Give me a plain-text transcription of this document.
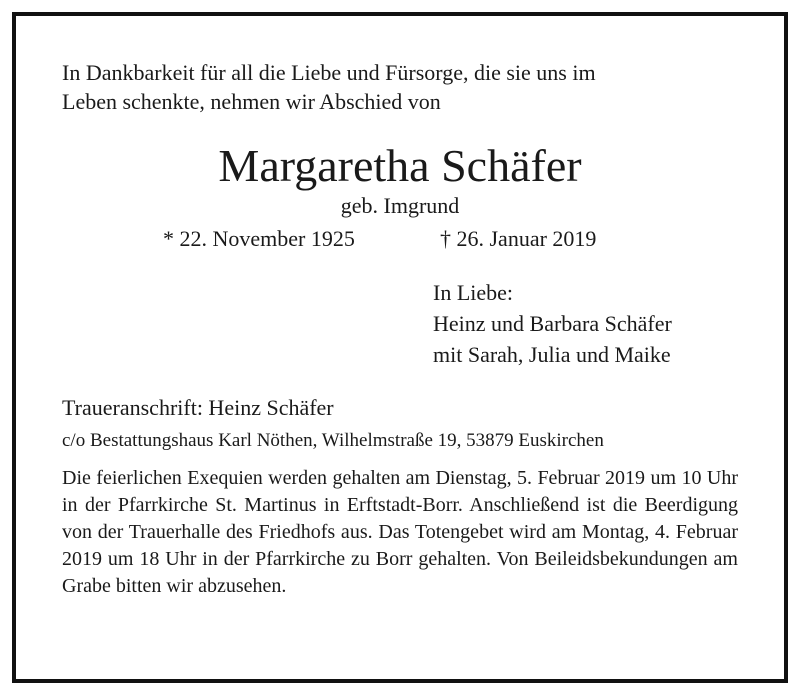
In Dankbarkeit für all die Liebe und Fürsorge, die sie uns im

Leben schenkte, nehmen wir Abschied von

Margaretha Schäfer

geb. Imgrund

* 22. November 1925	† 26. Januar 2019

In Liebe:

Heinz und Barbara Schäfer

mit Sarah, Julia und Maike

Traueranschrift: Heinz Schäfer

c/o Bestattungshaus Karl Nöthen, Wilhelmstraße 19, 53879 Euskirchen

Die feierlichen Exequien werden gehalten am Dienstag, 5. Februar 2019 um 10 Uhr in der Pfarrkirche St. Martinus in Erftstadt-Borr. Anschließend ist die Beerdigung von der Trauerhalle des Friedhofs aus. Das Totengebet wird am Montag, 4. Februar 2019 um 18 Uhr in der Pfarrkirche zu Borr gehalten. Von Beileidsbekundungen am Grabe bitten wir abzusehen.
